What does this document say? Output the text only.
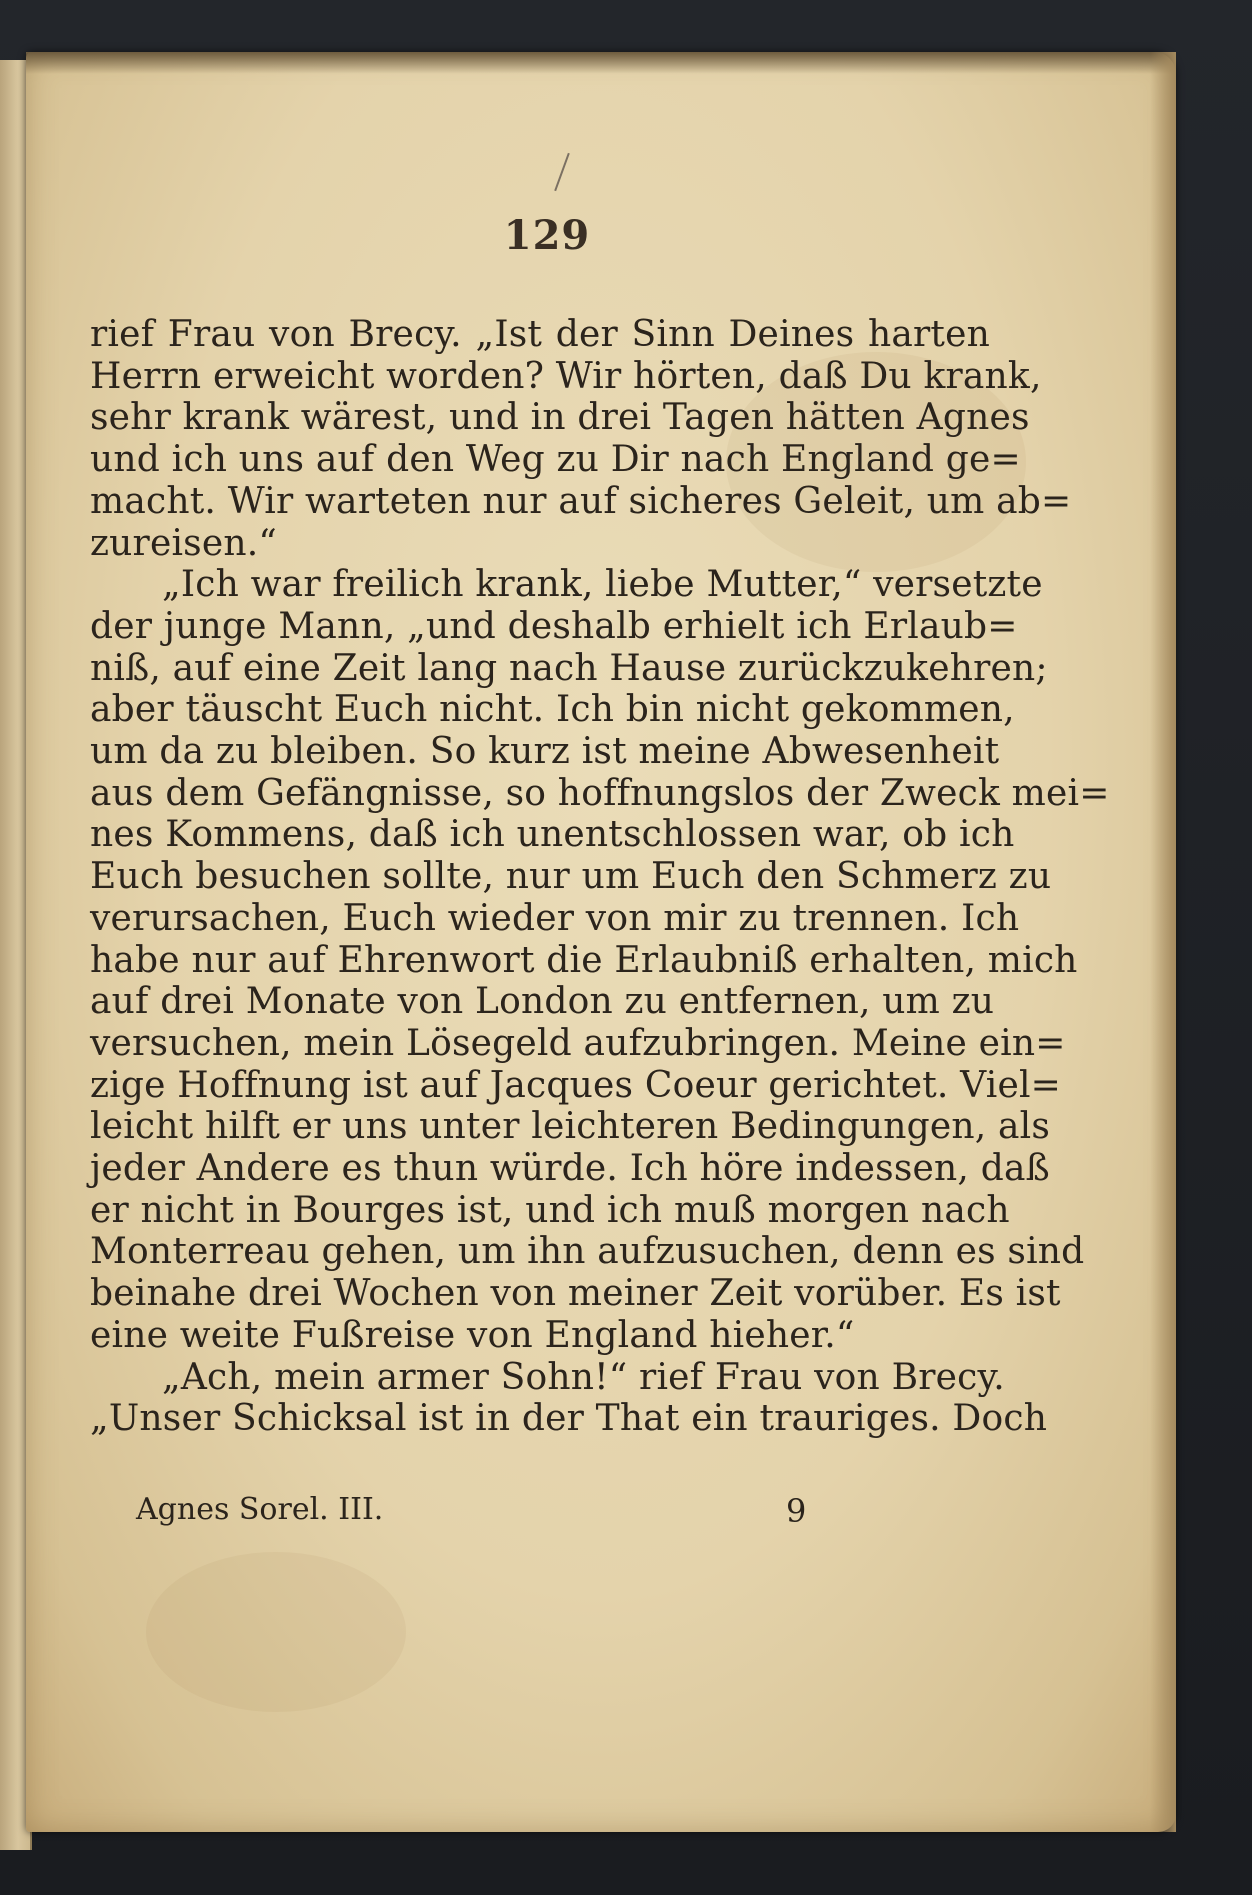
129
rief Frau von Brecy. „Ist der Sinn Deines harten
Herrn erweicht worden? Wir hörten, daß Du krank,
sehr krank wärest, und in drei Tagen hätten Agnes
und ich uns auf den Weg zu Dir nach England ge=
macht. Wir warteten nur auf sicheres Geleit, um ab=
zureisen.“
„Ich war freilich krank, liebe Mutter,“ versetzte
der junge Mann, „und deshalb erhielt ich Erlaub=
niß, auf eine Zeit lang nach Hause zurückzukehren;
aber täuscht Euch nicht. Ich bin nicht gekommen,
um da zu bleiben. So kurz ist meine Abwesenheit
aus dem Gefängnisse, so hoffnungslos der Zweck mei=
nes Kommens, daß ich unentschlossen war, ob ich
Euch besuchen sollte, nur um Euch den Schmerz zu
verursachen, Euch wieder von mir zu trennen. Ich
habe nur auf Ehrenwort die Erlaubniß erhalten, mich
auf drei Monate von London zu entfernen, um zu
versuchen, mein Lösegeld aufzubringen. Meine ein=
zige Hoffnung ist auf Jacques Coeur gerichtet. Viel=
leicht hilft er uns unter leichteren Bedingungen, als
jeder Andere es thun würde. Ich höre indessen, daß
er nicht in Bourges ist, und ich muß morgen nach
Monterreau gehen, um ihn aufzusuchen, denn es sind
beinahe drei Wochen von meiner Zeit vorüber. Es ist
eine weite Fußreise von England hieher.“
„Ach, mein armer Sohn!“ rief Frau von Brecy.
„Unser Schicksal ist in der That ein trauriges. Doch
Agnes Sorel. III.	9
